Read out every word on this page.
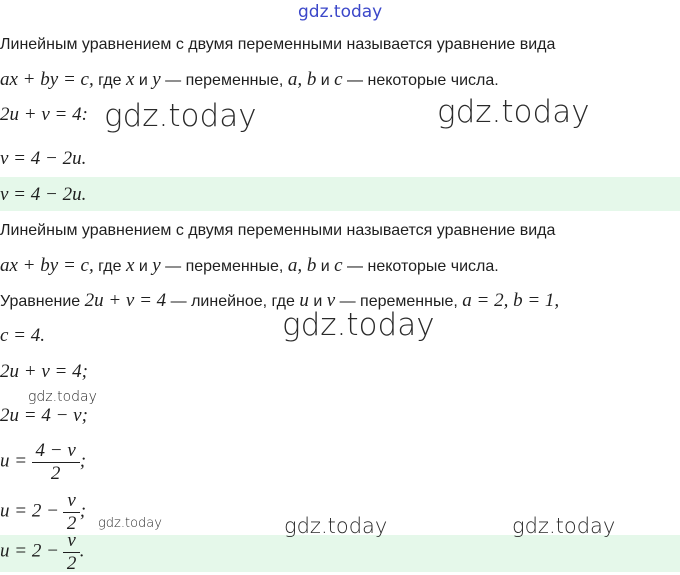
gdz.today
Линейным уравнением с двумя переменными называется уравнение вида
ax + by = c, где x и y — переменные, a, b и c — некоторые числа.
2u + v = 4:
v = 4 − 2u.
v = 4 − 2u.
Линейным уравнением с двумя переменными называется уравнение вида
ax + by = c, где x и y — переменные, a, b и c — некоторые числа.
Уравнение 2u + v = 4 — линейное, где u и v — переменные, a = 2, b = 1,
c = 4.
2u + v = 4;
2u = 4 − v;
$u = \frac{4 - v}{2}$ ;
$u = 2 - \frac{v}{2}$ ;
$u = 2 - \frac{v}{2}$ .
gdz.today	gdz.today
gdz.today
gdz.today
gdz.today	gdz.today	gdz.today
